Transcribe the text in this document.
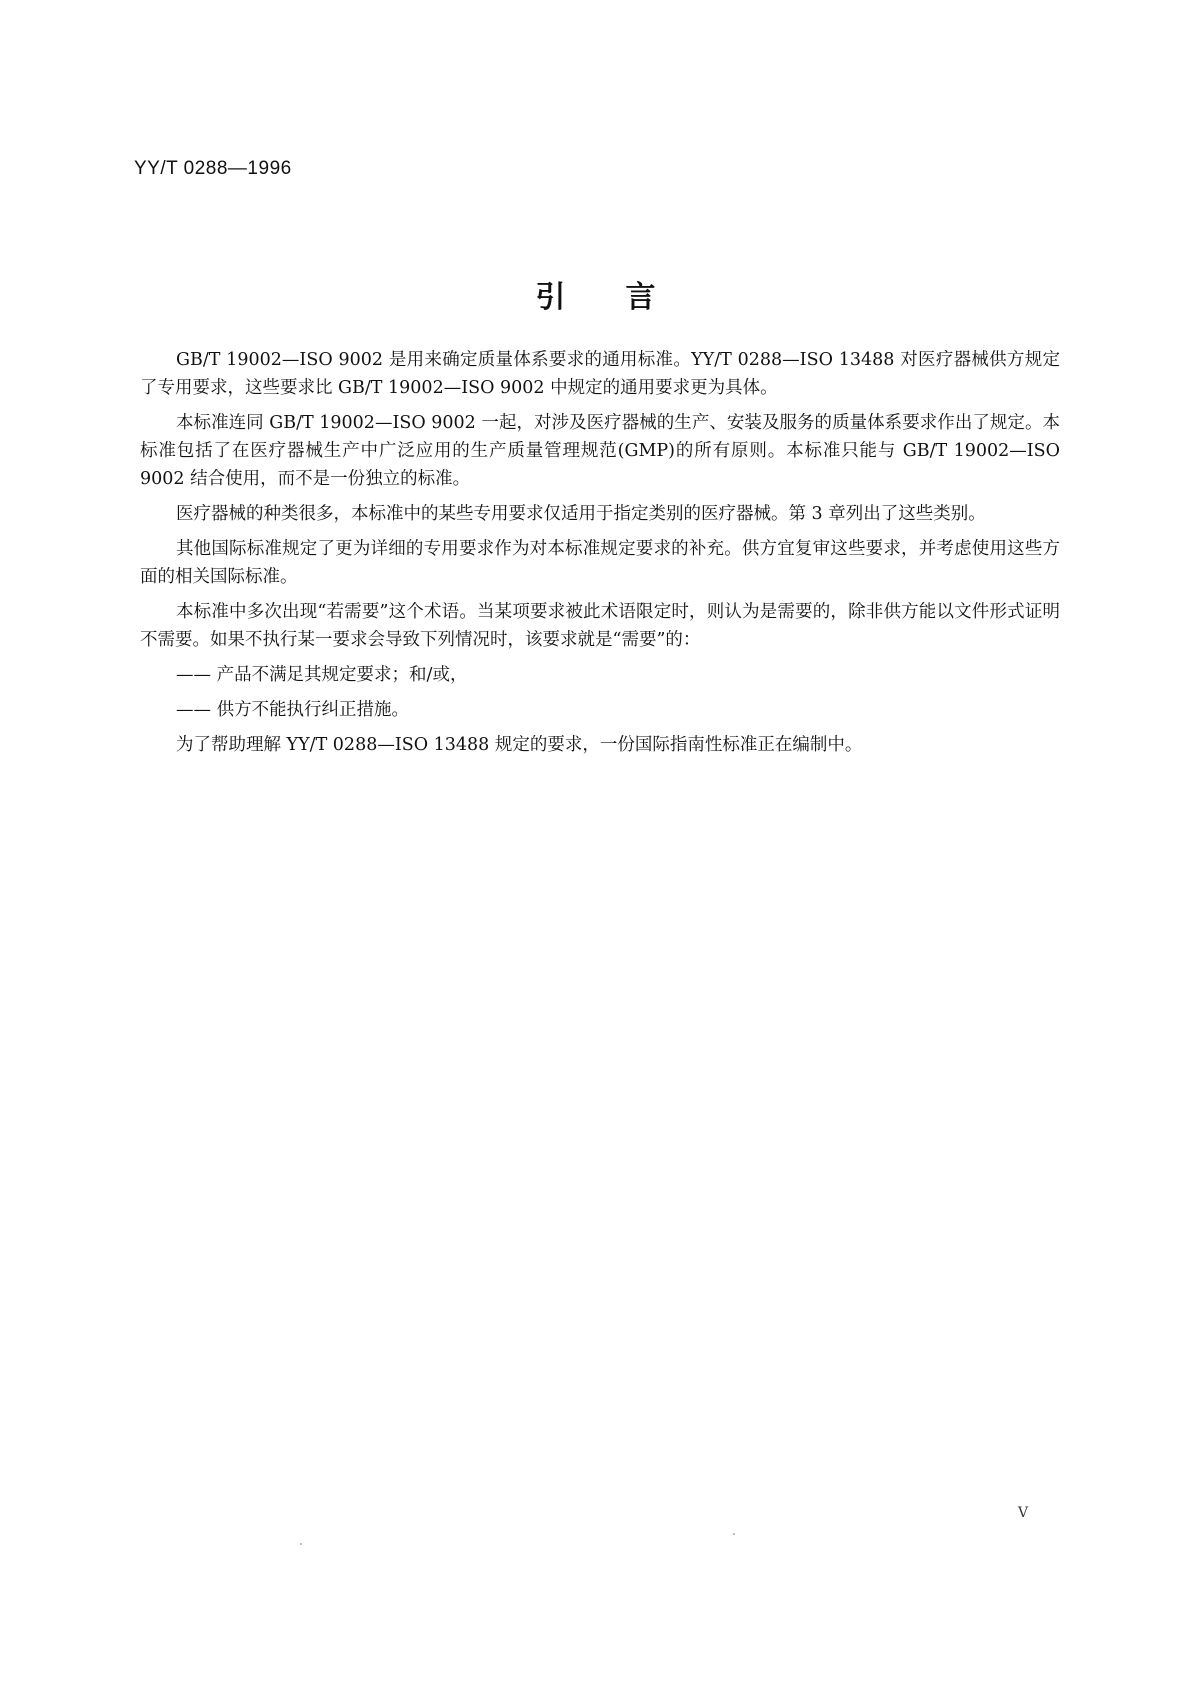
YY/T 0288—1996
引言

GB/T 19002—ISO 9002 是用来确定质量体系要求的通用标准。YY/T 0288—ISO 13488 对医疗器械供方规定了专用要求，这些要求比 GB/T 19002—ISO 9002 中规定的通用要求更为具体。

本标准连同 GB/T 19002—ISO 9002 一起，对涉及医疗器械的生产、安装及服务的质量体系要求作出了规定。本标准包括了在医疗器械生产中广泛应用的生产质量管理规范(GMP)的所有原则。本标准只能与 GB/T 19002—ISO 9002 结合使用，而不是一份独立的标准。

医疗器械的种类很多，本标准中的某些专用要求仅适用于指定类别的医疗器械。第 3 章列出了这些类别。

其他国际标准规定了更为详细的专用要求作为对本标准规定要求的补充。供方宜复审这些要求，并考虑使用这些方面的相关国际标准。

本标准中多次出现“若需要”这个术语。当某项要求被此术语限定时，则认为是需要的，除非供方能以文件形式证明不需要。如果不执行某一要求会导致下列情况时，该要求就是“需要”的：

—— 产品不满足其规定要求；和/或，

—— 供方不能执行纠正措施。

为了帮助理解 YY/T 0288—ISO 13488 规定的要求，一份国际指南性标准正在编制中。

V
